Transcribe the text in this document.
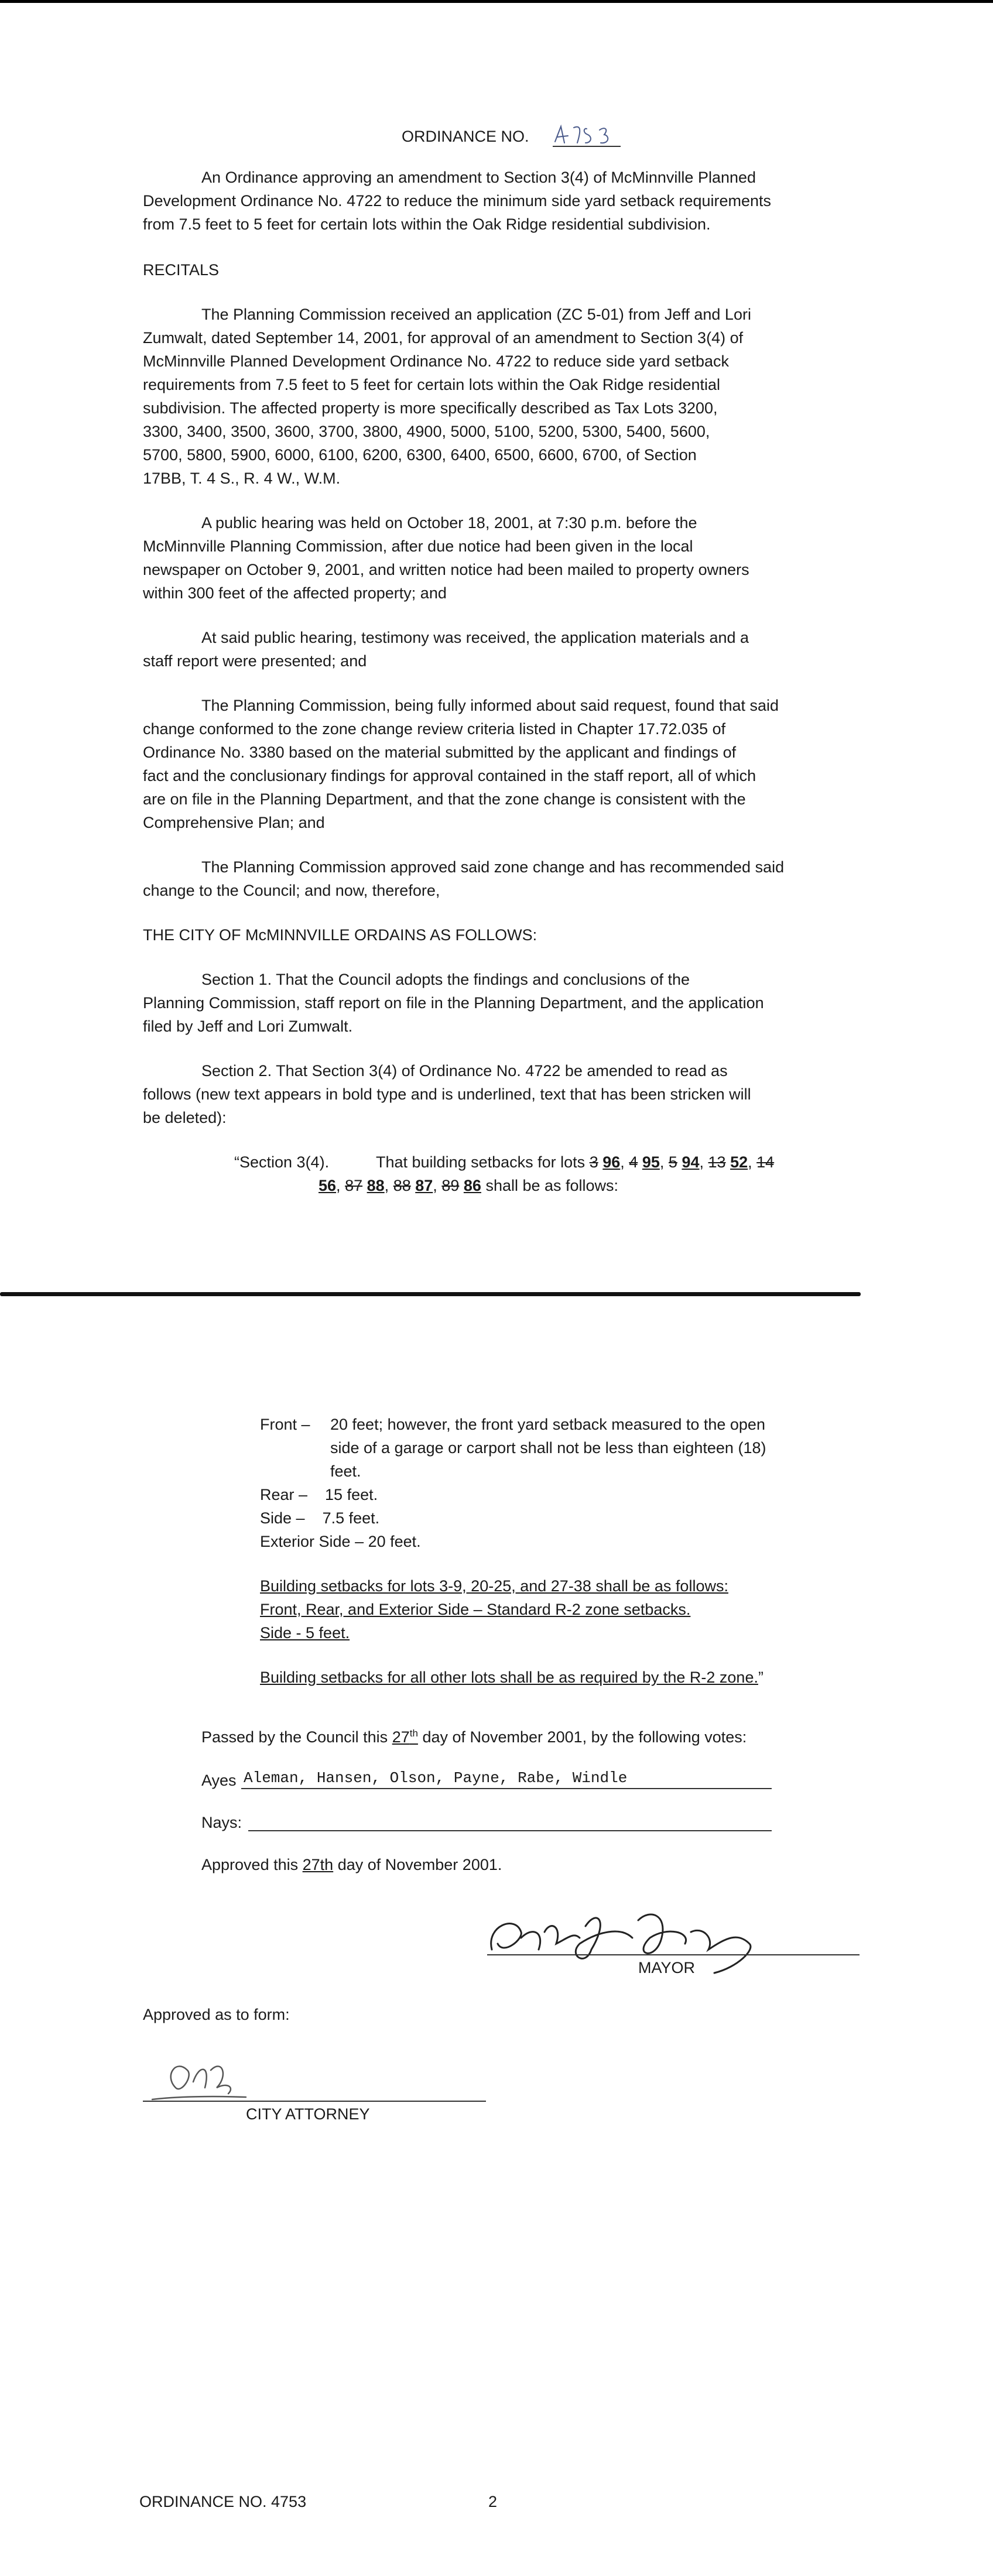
ORDINANCE NO.
An Ordinance approving an amendment to Section 3(4) of McMinnville Planned
Development Ordinance No. 4722 to reduce the minimum side yard setback requirements
from 7.5 feet to 5 feet for certain lots within the Oak Ridge residential subdivision.
RECITALS
The Planning Commission received an application (ZC 5-01) from Jeff and Lori
Zumwalt, dated September 14, 2001, for approval of an amendment to Section 3(4) of
McMinnville Planned Development Ordinance No. 4722 to reduce side yard setback
requirements from 7.5 feet to 5 feet for certain lots within the Oak Ridge residential
subdivision. The affected property is more specifically described as Tax Lots 3200,
3300, 3400, 3500, 3600, 3700, 3800, 4900, 5000, 5100, 5200, 5300, 5400, 5600,
5700, 5800, 5900, 6000, 6100, 6200, 6300, 6400, 6500, 6600, 6700, of Section
17BB, T. 4 S., R. 4 W., W.M.
A public hearing was held on October 18, 2001, at 7:30 p.m. before the
McMinnville Planning Commission, after due notice had been given in the local
newspaper on October 9, 2001, and written notice had been mailed to property owners
within 300 feet of the affected property; and
At said public hearing, testimony was received, the application materials and a
staff report were presented; and
The Planning Commission, being fully informed about said request, found that said
change conformed to the zone change review criteria listed in Chapter 17.72.035 of
Ordinance No. 3380 based on the material submitted by the applicant and findings of
fact and the conclusionary findings for approval contained in the staff report, all of which
are on file in the Planning Department, and that the zone change is consistent with the
Comprehensive Plan; and
The Planning Commission approved said zone change and has recommended said
change to the Council; and now, therefore,
THE CITY OF McMINNVILLE ORDAINS AS FOLLOWS:
Section 1. That the Council adopts the findings and conclusions of the
Planning Commission, staff report on file in the Planning Department, and the application
filed by Jeff and Lori Zumwalt.
Section 2. That Section 3(4) of Ordinance No. 4722 be amended to read as
follows (new text appears in bold type and is underlined, text that has been stricken will
be deleted):
“Section 3(4).	That building setbacks for lots 3 96, 4 95, 5 94, 13 52, 14
56, 87 88, 88 87, 89 86 shall be as follows:
Front – 20 feet; however, the front yard setback measured to the open
side of a garage or carport shall not be less than eighteen (18)
feet.
Rear –    15 feet.
Side –    7.5 feet.
Exterior Side – 20 feet.
Building setbacks for lots 3-9, 20-25, and 27-38 shall be as follows:
Front, Rear, and Exterior Side – Standard R-2 zone setbacks.
Side - 5 feet.
Building setbacks for all other lots shall be as required by the R-2 zone.”
Passed by the Council this 27th day of November 2001, by the following votes:
Ayes Aleman, Hansen, Olson, Payne, Rabe, Windle
Nays:
Approved this 27th day of November 2001.
MAYOR
Approved as to form:
CITY ATTORNEY
ORDINANCE NO. 4753	2
